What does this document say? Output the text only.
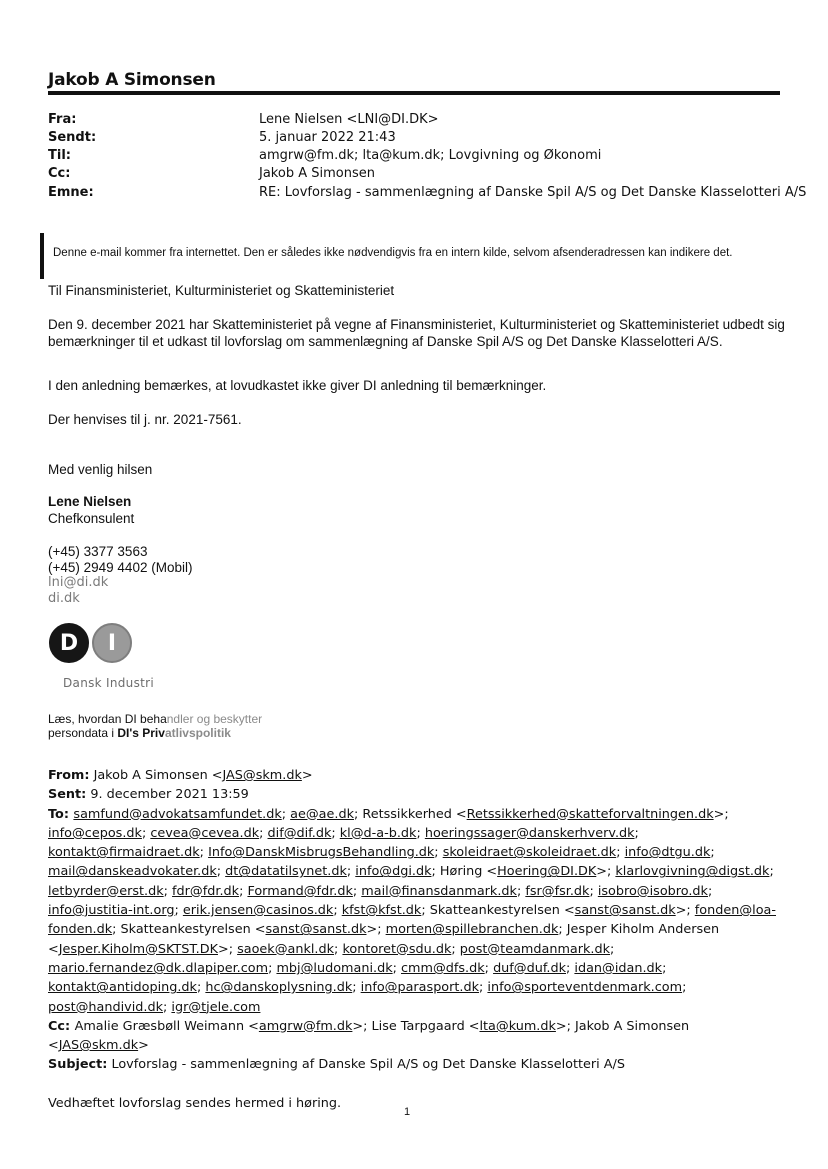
Jakob A Simonsen
Fra:	Lene Nielsen <LNI@DI.DK>
Sendt:	5. januar 2022 21:43
Til:	amgrw@fm.dk; lta@kum.dk; Lovgivning og Økonomi
Cc:	Jakob A Simonsen
Emne:	RE: Lovforslag - sammenlægning af Danske Spil A/S og Det Danske Klasselotteri A/S
Denne e-mail kommer fra internettet. Den er således ikke nødvendigvis fra en intern kilde, selvom afsenderadressen kan indikere det.
Til Finansministeriet, Kulturministeriet og Skatteministeriet
Den 9. december 2021 har Skatteministeriet på vegne af Finansministeriet, Kulturministeriet og Skatteministeriet udbedt sig bemærkninger til et udkast til lovforslag om sammenlægning af Danske Spil A/S og Det Danske Klasselotteri A/S.
I den anledning bemærkes, at lovudkastet ikke giver DI anledning til bemærkninger.
Der henvises til j. nr. 2021-7561.
Med venlig hilsen
Lene Nielsen
Chefkonsulent
(+45) 3377 3563
(+45) 2949 4402 (Mobil)
lni@di.dk
di.dk
D	I
Dansk Industri
Læs, hvordan DI behandler og beskytter
persondata i DI's Privatlivspolitik
From: Jakob A Simonsen <JAS@skm.dk>
Sent: 9. december 2021 13:59
To: samfund@advokatsamfundet.dk; ae@ae.dk; Retssikkerhed <Retssikkerhed@skatteforvaltningen.dk>;
info@cepos.dk; cevea@cevea.dk; dif@dif.dk; kl@d-a-b.dk; hoeringssager@danskerhverv.dk;
kontakt@firmaidraet.dk; Info@DanskMisbrugsBehandling.dk; skoleidraet@skoleidraet.dk; info@dtgu.dk;
mail@danskeadvokater.dk; dt@datatilsynet.dk; info@dgi.dk; Høring <Hoering@DI.DK>; klarlovgivning@digst.dk;
letbyrder@erst.dk; fdr@fdr.dk; Formand@fdr.dk; mail@finansdanmark.dk; fsr@fsr.dk; isobro@isobro.dk;
info@justitia-int.org; erik.jensen@casinos.dk; kfst@kfst.dk; Skatteankestyrelsen <sanst@sanst.dk>; fonden@loa-
fonden.dk; Skatteankestyrelsen <sanst@sanst.dk>; morten@spillebranchen.dk; Jesper Kiholm Andersen
<Jesper.Kiholm@SKTST.DK>; saoek@ankl.dk; kontoret@sdu.dk; post@teamdanmark.dk;
mario.fernandez@dk.dlapiper.com; mbj@ludomani.dk; cmm@dfs.dk; duf@duf.dk; idan@idan.dk;
kontakt@antidoping.dk; hc@danskoplysning.dk; info@parasport.dk; info@sporteventdenmark.com;
post@handivid.dk; igr@tjele.com
Cc: Amalie Græsbøll Weimann <amgrw@fm.dk>; Lise Tarpgaard <lta@kum.dk>; Jakob A Simonsen <JAS@skm.dk>
Subject: Lovforslag - sammenlægning af Danske Spil A/S og Det Danske Klasselotteri A/S
Vedhæftet lovforslag sendes hermed i høring.
1
